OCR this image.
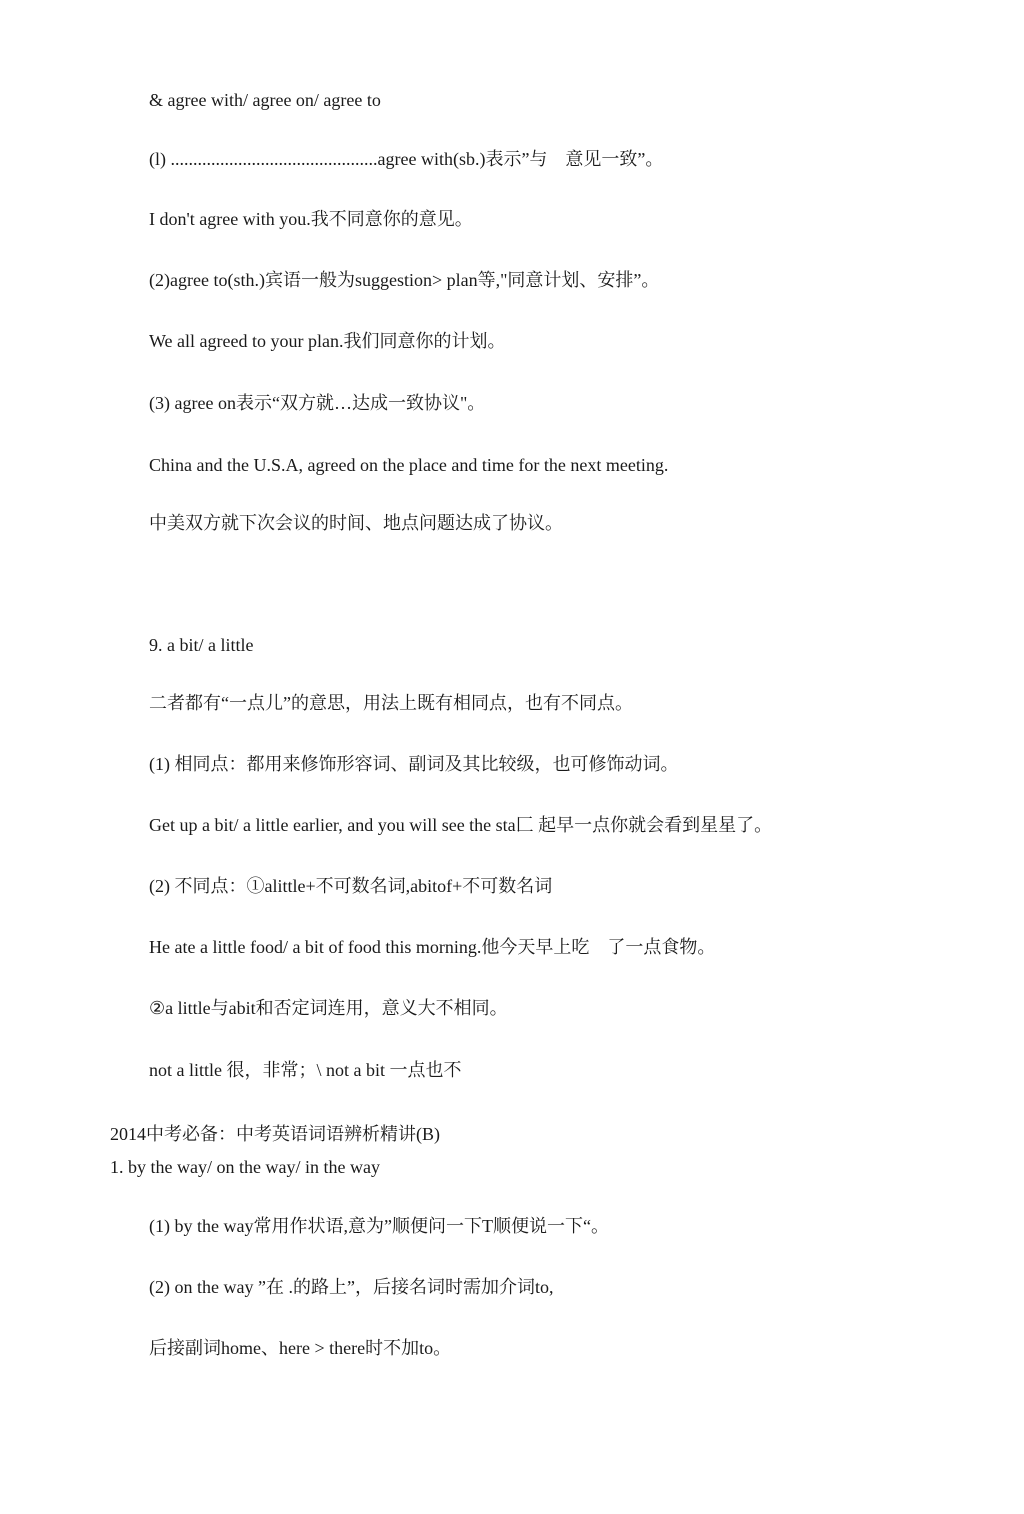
& agree with/ agree on/ agree to
(l) ..............................................agree with(sb.)表示”与　意见一致”。
I don't agree with you.我不同意你的意见。
(2)agree to(sth.)宾语一般为suggestion> plan等,"同意计划、安排”。
We all agreed to your plan.我们同意你的计划。
(3) agree on表示“双方就…达成一致协议"。
China and the U.S.A, agreed on the place and time for the next meeting.
中美双方就下次会议的时间、地点问题达成了协议。
9. a bit/ a little
二者都有“一点儿”的意思，用法上既有相同点，也有不同点。
(1) 相同点：都用来修饰形容词、副词及其比较级，也可修饰动词。
Get up a bit/ a little earlier, and you will see the sta匚 起早一点你就会看到星星了。
(2) 不同点：①alittle+不可数名词,abitof+不可数名词
He ate a little food/ a bit of food this morning.他今天早上吃　了一点食物。
②a little与abit和否定词连用，意义大不相同。
not a little 很，非常；\ not a bit 一点也不
2014中考必备：中考英语词语辨析精讲(B)
1. by the way/ on the way/ in the way
(1) by the way常用作状语,意为”顺便问一下T顺便说一下“。
(2) on the way ”在 .的路上”，后接名词时需加介词to,
后接副词home、here > there时不加to。
